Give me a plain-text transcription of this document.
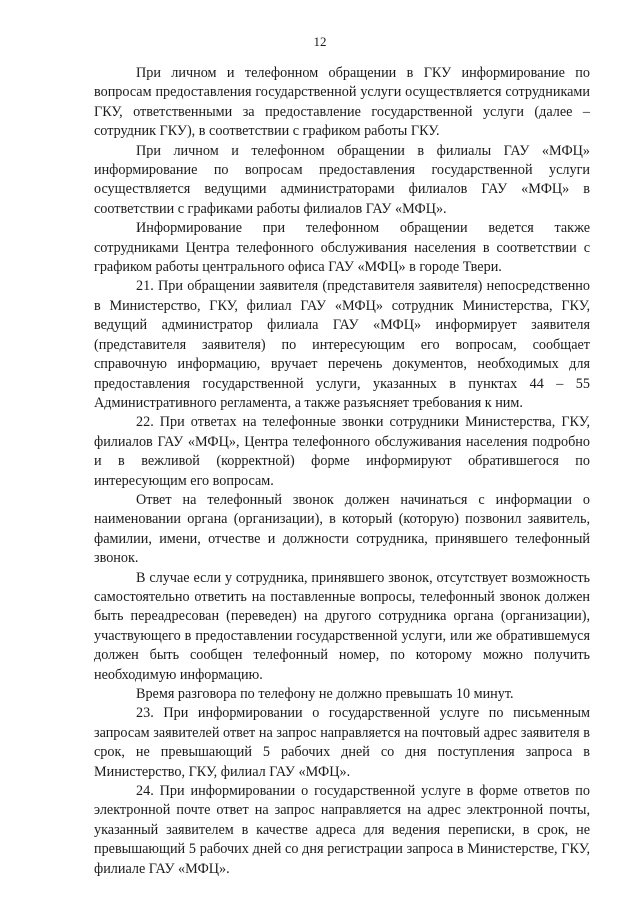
12

При личном и телефонном обращении в ГКУ информирование по вопросам предоставления государственной услуги осуществляется сотрудниками ГКУ, ответственными за предоставление государственной услуги (далее – сотрудник ГКУ), в соответствии с графиком работы ГКУ.

При личном и телефонном обращении в филиалы ГАУ «МФЦ» информирование по вопросам предоставления государственной услуги осуществляется ведущими администраторами филиалов ГАУ «МФЦ» в соответствии с графиками работы филиалов ГАУ «МФЦ».

Информирование при телефонном обращении ведется также сотрудниками Центра телефонного обслуживания населения в соответствии с графиком работы центрального офиса ГАУ «МФЦ» в городе Твери.

21. При обращении заявителя (представителя заявителя) непосредственно в Министерство, ГКУ, филиал ГАУ «МФЦ» сотрудник Министерства, ГКУ, ведущий администратор филиала ГАУ «МФЦ» информирует заявителя (представителя заявителя) по интересующим его вопросам, сообщает справочную информацию, вручает перечень документов, необходимых для предоставления государственной услуги, указанных в пунктах 44 – 55 Административного регламента, а также разъясняет требования к ним.

22. При ответах на телефонные звонки сотрудники Министерства, ГКУ, филиалов ГАУ «МФЦ», Центра телефонного обслуживания населения подробно и в вежливой (корректной) форме информируют обратившегося по интересующим его вопросам.

Ответ на телефонный звонок должен начинаться с информации о наименовании органа (организации), в который (которую) позвонил заявитель, фамилии, имени, отчестве и должности сотрудника, принявшего телефонный звонок.

В случае если у сотрудника, принявшего звонок, отсутствует возможность самостоятельно ответить на поставленные вопросы, телефонный звонок должен быть переадресован (переведен) на другого сотрудника органа (организации), участвующего в предоставлении государственной услуги, или же обратившемуся должен быть сообщен телефонный номер, по которому можно получить необходимую информацию.

Время разговора по телефону не должно превышать 10 минут.

23. При информировании о государственной услуге по письменным запросам заявителей ответ на запрос направляется на почтовый адрес заявителя в срок, не превышающий 5 рабочих дней со дня поступления запроса в Министерство, ГКУ, филиал ГАУ «МФЦ».

24. При информировании о государственной услуге в форме ответов по электронной почте ответ на запрос направляется на адрес электронной почты, указанный заявителем в качестве адреса для ведения переписки, в срок, не превышающий 5 рабочих дней со дня регистрации запроса в Министерстве, ГКУ, филиале ГАУ «МФЦ».
